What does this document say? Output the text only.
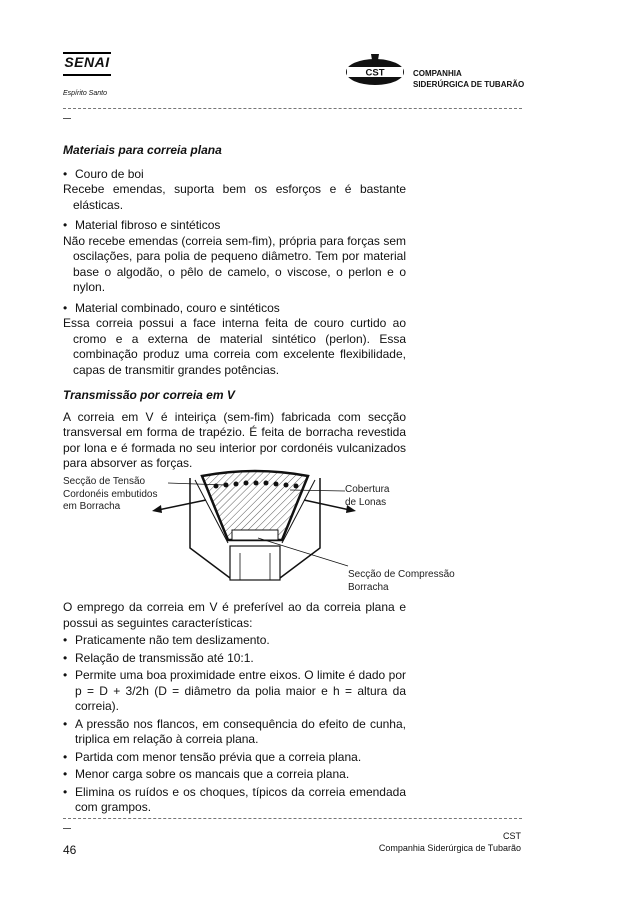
SENAI
Espírito Santo
CST	COMPANHIA
SIDERÚRGICA DE TUBARÃO

Materiais para correia plana

• Couro de boi

Recebe emendas, suporta bem os esforços e é bastante elásticas.

• Material fibroso e sintéticos

Não recebe emendas (correia sem-fim), própria para forças sem oscilações, para polia de pequeno diâmetro. Tem por material base o algodão, o pêlo de camelo, o viscose, o perlon e o nylon.

• Material combinado, couro e sintéticos

Essa correia possui a face interna feita de couro curtido ao cromo e a externa de material sintético (perlon). Essa combinação produz uma correia com excelente flexibilidade, capas de transmitir grandes potências.

Transmissão por correia em V

A correia em V é inteiriça (sem-fim) fabricada com secção transversal em forma de trapézio. É feita de borracha revestida por lona e é formada no seu interior por cordonéis vulcanizados para absorver as forças.

Secção de Tensão
Cordonéis embutidos
em Borracha
Cobertura
de Lonas
Secção de Compressão
Borracha

O emprego da correia em V é preferível ao da correia plana e possui as seguintes características:

• Praticamente não tem deslizamento.

• Relação de transmissão até 10:1.

• Permite uma boa proximidade entre eixos. O limite é dado por p = D + 3/2h (D = diâmetro da polia maior e h = altura da correia).

• A pressão nos flancos, em consequência do efeito de cunha, triplica em relação à correia plana.

• Partida com menor tensão prévia que a correia plana.

• Menor carga sobre os mancais que a correia plana.

• Elimina os ruídos e os choques, típicos da correia emendada com grampos.

46
CST
Companhia Siderúrgica de Tubarão
